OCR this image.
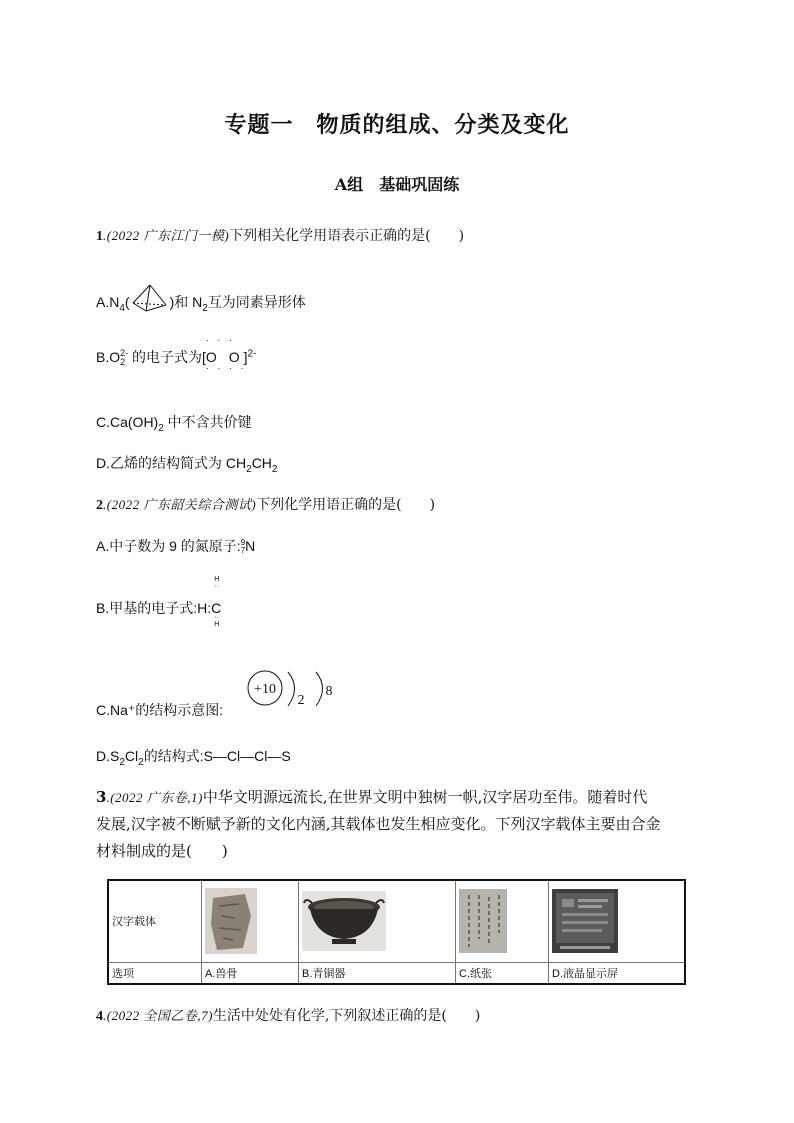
专题一　物质的组成、分类及变化
A组　基础巩固练
1.(2022 广东江门一模)下列相关化学用语表示正确的是(　　)
$A.N_4$(	)和 $N_2$互为同素异形体
B.O 2-
2 的电子式为[
· · ·
O O
· · · ·
]$^{2-}$
$C.Ca(OH)_2$ 中不含共价键
D.乙烯的结构简式为 $CH_2CH_2$
2.(2022 广东韶关综合测试)下列化学用语正确的是(　　)
A.中子数为 9 的氮原子: 9
7 N
B.甲基的电子式:H:C
H
··
··
H
C.Na⁺的结构示意图:
+10
2
8
$D.S_2Cl_2$的结构式:S—Cl—Cl—S
3.(2022 广东卷,1)中华文明源远流长,在世界文明中独树一帜,汉字居功至伟。随着时代
发展,汉字被不断赋予新的文化内涵,其载体也发生相应变化。下列汉字载体主要由合金
材料制成的是(　　)
汉字载体	

选项	A.兽骨	B.青铜器	C.纸张	D.液晶显示屏
4.(2022 全国乙卷,7)生活中处处有化学,下列叙述正确的是(　　)
